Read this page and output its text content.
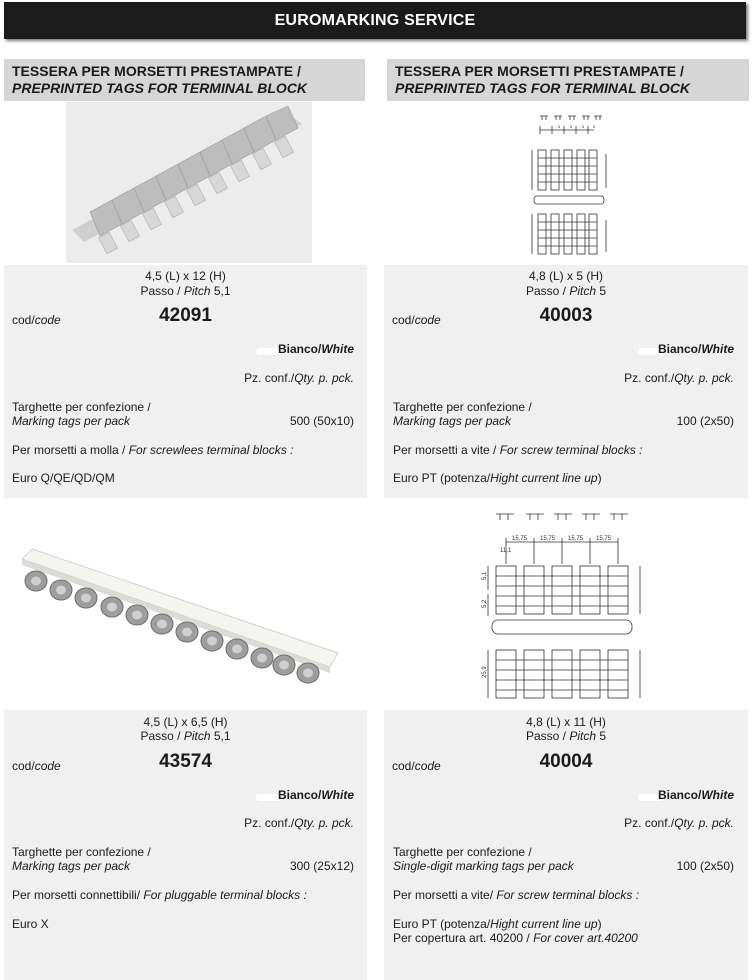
EUROMARKING SERVICE
TESSERA PER MORSETTI PRESTAMPATE /
PREPRINTED TAGS FOR TERMINAL BLOCK
TESSERA PER MORSETTI PRESTAMPATE /
PREPRINTED TAGS FOR TERMINAL BLOCK
5 5 5 5
15,75 15,75 15,75 15,75
11,1
5,1
5,2
25,9
4,5 (L) x 12 (H)
Passo / Pitch 5,1
cod/code	42091
Bianco/White
Pz. conf./Qty. p. pck.
Targhette per confezione /
Marking tags per pack	500 (50x10)
Per morsetti a molla / For screwlees terminal blocks :
Euro Q/QE/QD/QM
4,8 (L) x 5 (H)
Passo / Pitch 5
cod/code	40003
Bianco/White
Pz. conf./Qty. p. pck.
Targhette per confezione /
Marking tags per pack	100 (2x50)
Per morsetti a vite / For screw terminal blocks :
Euro PT (potenza/Hight current line up)
4,5 (L) x 6,5 (H)
Passo / Pitch 5,1
cod/code	43574
Bianco/White
Pz. conf./Qty. p. pck.
Targhette per confezione /
Marking tags per pack	300 (25x12)
Per morsetti connettibili/ For pluggable terminal blocks :
Euro X
4,8 (L) x 11 (H)
Passo / Pitch 5
cod/code	40004
Bianco/White
Pz. conf./Qty. p. pck.
Targhette per confezione /
Single-digit marking tags per pack	100 (2x50)
Per morsetti a vite/ For screw terminal blocks :
Euro PT (potenza/Hight current line up)
Per copertura art. 40200 / For cover art.40200
